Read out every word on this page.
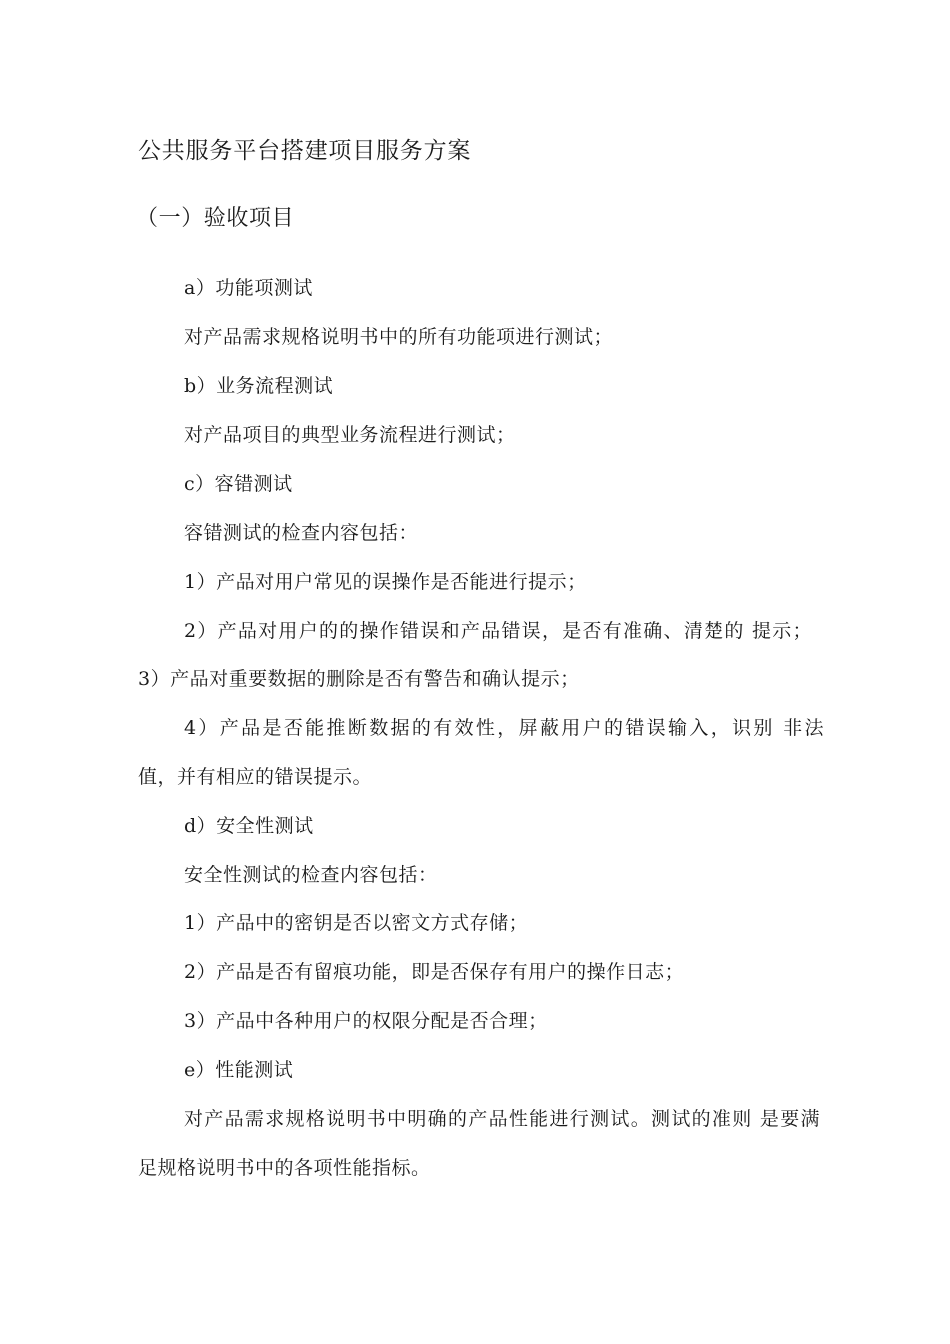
公共服务平台搭建项目服务方案
（一）验收项目
a）功能项测试
对产品需求规格说明书中的所有功能项进行测试；
b）业务流程测试
对产品项目的典型业务流程进行测试；
c）容错测试
容错测试的检查内容包括：
1）产品对用户常见的误操作是否能进行提示；
2）产品对用户的的操作错误和产品错误，是否有准确、清楚的 提示；
3）产品对重要数据的删除是否有警告和确认提示；
4）产品是否能推断数据的有效性，屏蔽用户的错误输入，识别 非法
值，并有相应的错误提示。
d）安全性测试
安全性测试的检查内容包括：
1）产品中的密钥是否以密文方式存储；
2）产品是否有留痕功能，即是否保存有用户的操作日志；
3）产品中各种用户的权限分配是否合理；
e）性能测试
对产品需求规格说明书中明确的产品性能进行测试。测试的准则 是要满
足规格说明书中的各项性能指标。
